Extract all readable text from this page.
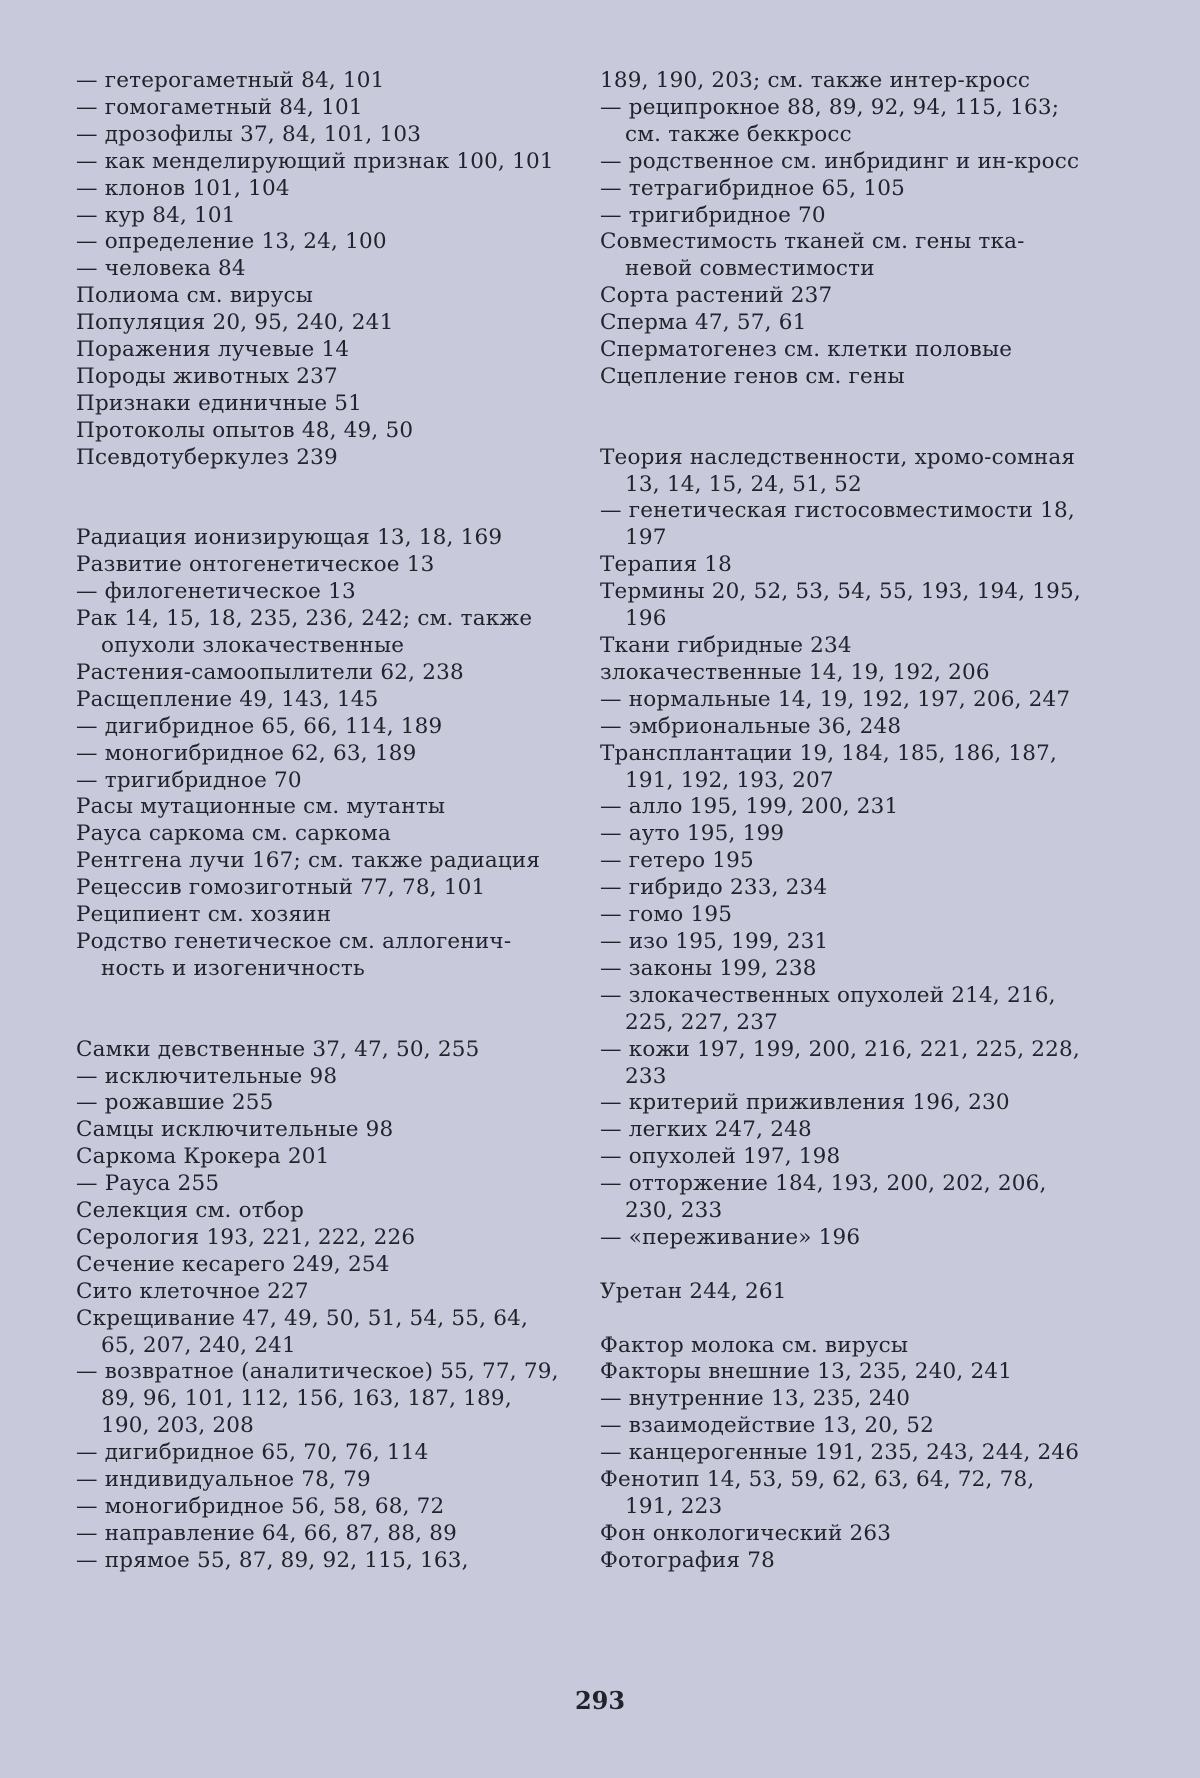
— гетерогаметный 84, 101
— гомогаметный 84, 101
— дрозофилы 37, 84, 101, 103
— как менделирующий признак 100, 101
— клонов 101, 104
— кур 84, 101
— определение 13, 24, 100
— человека 84
Полиома см. вирусы
Популяция 20, 95, 240, 241
Поражения лучевые 14
Породы животных 237
Признаки единичные 51
Протоколы опытов 48, 49, 50
Псевдотуберкулез 239
Радиация ионизирующая 13, 18, 169
Развитие онтогенетическое 13
— филогенетическое 13
Рак 14, 15, 18, 235, 236, 242; см. также опухоли злокачественные
Растения-самоопылители 62, 238
Расщепление 49, 143, 145
— дигибридное 65, 66, 114, 189
— моногибридное 62, 63, 189
— тригибридное 70
Расы мутационные см. мутанты
Рауса саркома см. саркома
Рентгена лучи 167; см. также радиация
Рецессив гомозиготный 77, 78, 101
Реципиент см. хозяин
Родство генетическое см. аллогенич-ность и изогеничность
Самки девственные 37, 47, 50, 255
— исключительные 98
— рожавшие 255
Самцы исключительные 98
Саркома Крокера 201
— Рауса 255
Селекция см. отбор
Серология 193, 221, 222, 226
Сечение кесарего 249, 254
Сито клеточное 227
Скрещивание 47, 49, 50, 51, 54, 55, 64, 65, 207, 240, 241
— возвратное (аналитическое) 55, 77, 79, 89, 96, 101, 112, 156, 163, 187, 189, 190, 203, 208
— дигибридное 65, 70, 76, 114
— индивидуальное 78, 79
— моногибридное 56, 58, 68, 72
— направление 64, 66, 87, 88, 89
— прямое 55, 87, 89, 92, 115, 163,
189, 190, 203; см. также интер-кросс
— реципрокное 88, 89, 92, 94, 115, 163; см. также беккросс
— родственное см. инбридинг и ин-кросс
— тетрагибридное 65, 105
— тригибридное 70
Совместимость тканей см. гены тка-невой совместимости
Сорта растений 237
Сперма 47, 57, 61
Сперматогенез см. клетки половые
Сцепление генов см. гены
Теория наследственности, хромо-сомная 13, 14, 15, 24, 51, 52
— генетическая гистосовместимости 18, 197
Терапия 18
Термины 20, 52, 53, 54, 55, 193, 194, 195, 196
Ткани гибридные 234
злокачественные 14, 19, 192, 206
— нормальные 14, 19, 192, 197, 206, 247
— эмбриональные 36, 248
Трансплантации 19, 184, 185, 186, 187, 191, 192, 193, 207
— алло 195, 199, 200, 231
— ауто 195, 199
— гетеро 195
— гибридо 233, 234
— гомо 195
— изо 195, 199, 231
— законы 199, 238
— злокачественных опухолей 214, 216, 225, 227, 237
— кожи 197, 199, 200, 216, 221, 225, 228, 233
— критерий приживления 196, 230
— легких 247, 248
— опухолей 197, 198
— отторжение 184, 193, 200, 202, 206, 230, 233
— «переживание» 196
Уретан 244, 261
Фактор молока см. вирусы
Факторы внешние 13, 235, 240, 241
— внутренние 13, 235, 240
— взаимодействие 13, 20, 52
— канцерогенные 191, 235, 243, 244, 246
Фенотип 14, 53, 59, 62, 63, 64, 72, 78, 191, 223
Фон онкологический 263
Фотография 78
293
